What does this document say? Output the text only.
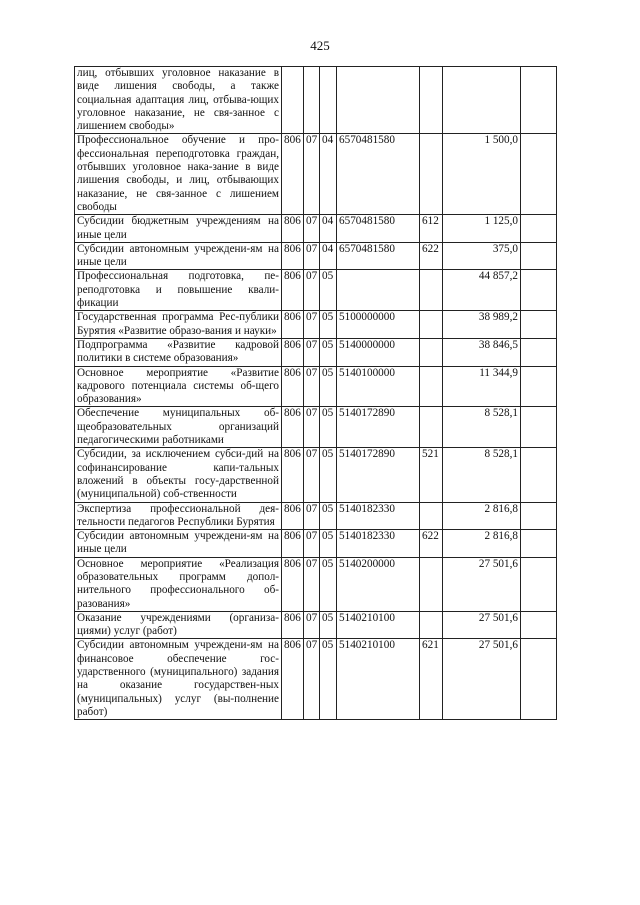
425
лиц, отбывших уголовное наказание в виде лишения свободы, а также социальная адаптация лиц, отбыва-ющих уголовное наказание, не свя-занное с лишением свободы»							
Профессиональное обучение и про-фессиональная переподготовка граждан, отбывших уголовное нака-зание в виде лишения свободы, и лиц, отбывающих наказание, не свя-занное с лишением свободы	806	07	04	6570481580		1 500,0	
Субсидии бюджетным учреждениям на иные цели	806	07	04	6570481580	612	1 125,0	
Субсидии автономным учреждени-ям на иные цели	806	07	04	6570481580	622	375,0	
Профессиональная подготовка, пе-реподготовка и повышение квали-фикации	806	07	05			44 857,2	
Государственная программа Рес-публики Бурятия «Развитие образо-вания и науки»	806	07	05	5100000000		38 989,2	
Подпрограмма «Развитие кадровой политики в системе образования»	806	07	05	5140000000		38 846,5	
Основное мероприятие «Развитие кадрового потенциала системы об-щего образования»	806	07	05	5140100000		11 344,9	
Обеспечение муниципальных об-щеобразовательных организаций педагогическими работниками	806	07	05	5140172890		8 528,1	
Субсидии, за исключением субси-дий на софинансирование капи-тальных вложений в объекты госу-дарственной (муниципальной) соб-ственности	806	07	05	5140172890	521	8 528,1	
Экспертиза профессиональной дея-тельности педагогов Республики Бурятия	806	07	05	5140182330		2 816,8	
Субсидии автономным учреждени-ям на иные цели	806	07	05	5140182330	622	2 816,8	
Основное мероприятие «Реализация образовательных программ допол-нительного профессионального об-разования»	806	07	05	5140200000		27 501,6	
Оказание учреждениями (организа-циями) услуг (работ)	806	07	05	5140210100		27 501,6	
Субсидии автономным учреждени-ям на финансовое обеспечение гос-ударственного (муниципального) задания на оказание государствен-ных (муниципальных) услуг (вы-полнение работ)	806	07	05	5140210100	621	27 501,6	
